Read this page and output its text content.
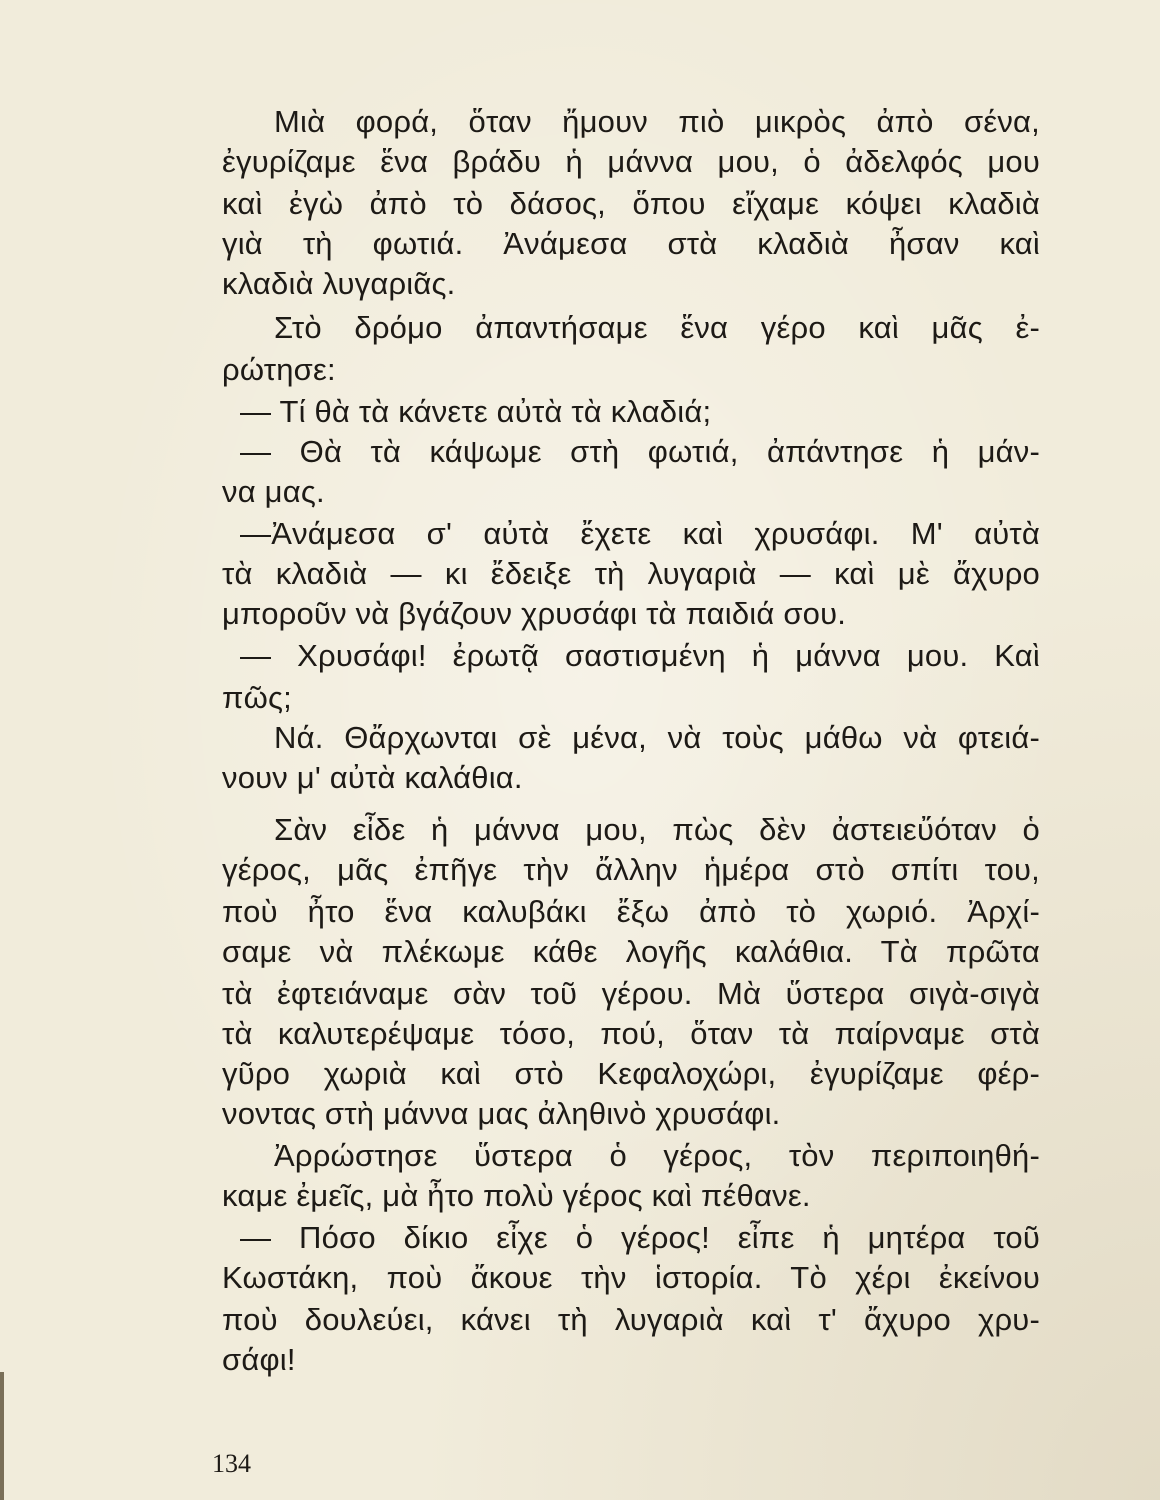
Μιὰ φορά, ὅταν ἤμουν πιὸ μικρὸς ἀπὸ σένα,

ἐγυρίζαμε ἕνα βράδυ ἡ μάννα μου, ὁ ἀδελφός μου

καὶ ἐγὼ ἀπὸ τὸ δάσος, ὅπου εἴχαμε κόψει κλαδιὰ

γιὰ τὴ φωτιά. Ἀνάμεσα στὰ κλαδιὰ ἦσαν καὶ

κλαδιὰ λυγαριᾶς.

Στὸ δρόμο ἀπαντήσαμε ἕνα γέρο καὶ μᾶς ἐ-

ρώτησε:

— Τί θὰ τὰ κάνετε αὐτὰ τὰ κλαδιά;

— Θὰ τὰ κάψωμε στὴ φωτιά, ἀπάντησε ἡ μάν-

να μας.

—Ἀνάμεσα σ' αὐτὰ ἔχετε καὶ χρυσάφι. Μ' αὐτὰ

τὰ κλαδιὰ — κι ἔδειξε τὴ λυγαριὰ — καὶ μὲ ἄχυρο

μποροῦν νὰ βγάζουν χρυσάφι τὰ παιδιά σου.

— Χρυσάφι! ἐρωτᾷ σαστισμένη ἡ μάννα μου. Καὶ

πῶς;

Νά. Θἄρχωνται σὲ μένα, νὰ τοὺς μάθω νὰ φτειά-

νουν μ' αὐτὰ καλάθια.

Σὰν εἶδε ἡ μάννα μου, πὼς δὲν ἀστειεὔόταν ὁ

γέρος, μᾶς ἐπῆγε τὴν ἄλλην ἡμέρα στὸ σπίτι του,

ποὺ ἦτο ἕνα καλυβάκι ἔξω ἀπὸ τὸ χωριό. Ἀρχί-

σαμε νὰ πλέκωμε κάθε λογῆς καλάθια. Τὰ πρῶτα

τὰ ἐφτειάναμε σὰν τοῦ γέρου. Μὰ ὕστερα σιγὰ-σιγὰ

τὰ καλυτερέψαμε τόσο, πού, ὅταν τὰ παίρναμε στὰ

γῦρο χωριὰ καὶ στὸ Κεφαλοχώρι, ἐγυρίζαμε φέρ-

νοντας στὴ μάννα μας ἀληθινὸ χρυσάφι.

Ἀρρώστησε ὕστερα ὁ γέρος, τὸν περιποιηθή-

καμε ἐμεῖς, μὰ ἦτο πολὺ γέρος καὶ πέθανε.

— Πόσο δίκιο εἶχε ὁ γέρος! εἶπε ἡ μητέρα τοῦ

Κωστάκη, ποὺ ἄκουε τὴν ἱστορία. Τὸ χέρι ἐκείνου

ποὺ δουλεύει, κάνει τὴ λυγαριὰ καὶ τ' ἄχυρο χρυ-

σάφι!

134
